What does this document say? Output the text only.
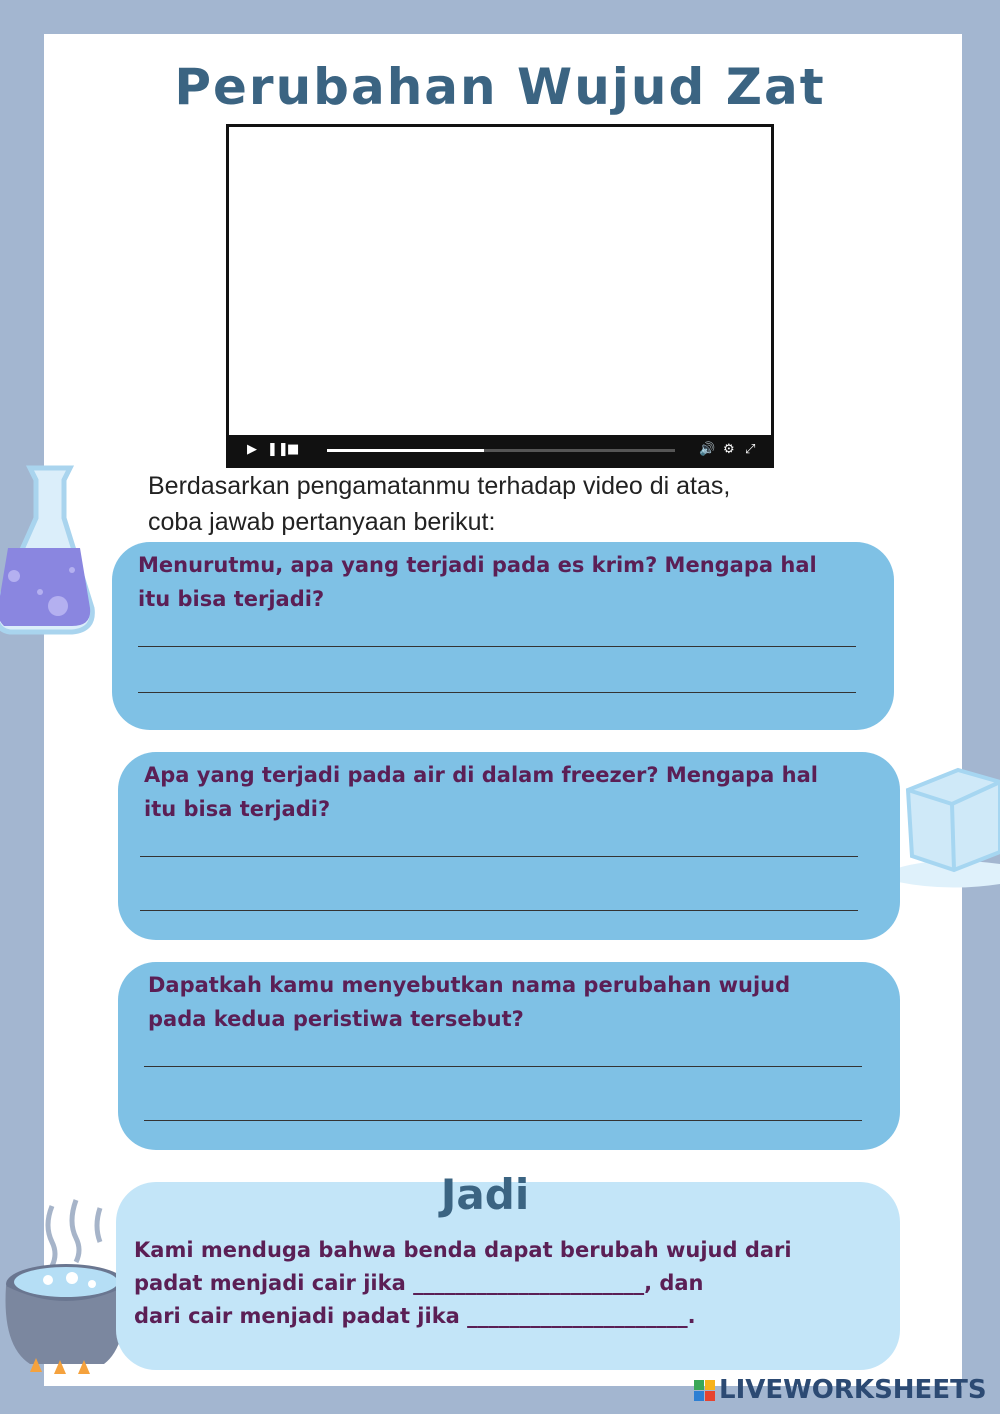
Perubahan Wujud Zat
▶ ❚❚
■	🔊 ⚙ ⤢
Berdasarkan pengamatanmu terhadap video di atas,
coba jawab pertanyaan berikut:
Menurutmu, apa yang terjadi pada es krim? Mengapa hal
itu bisa terjadi?
Apa yang terjadi pada air di dalam freezer? Mengapa hal
itu bisa terjadi?
Dapatkah kamu menyebutkan nama perubahan wujud
pada kedua peristiwa tersebut?
Jadi
Kami menduga bahwa benda dapat berubah wujud dari
padat menjadi cair jika ______________________, dan
dari cair menjadi padat jika _____________________.
LIVEWORKSHEETS
